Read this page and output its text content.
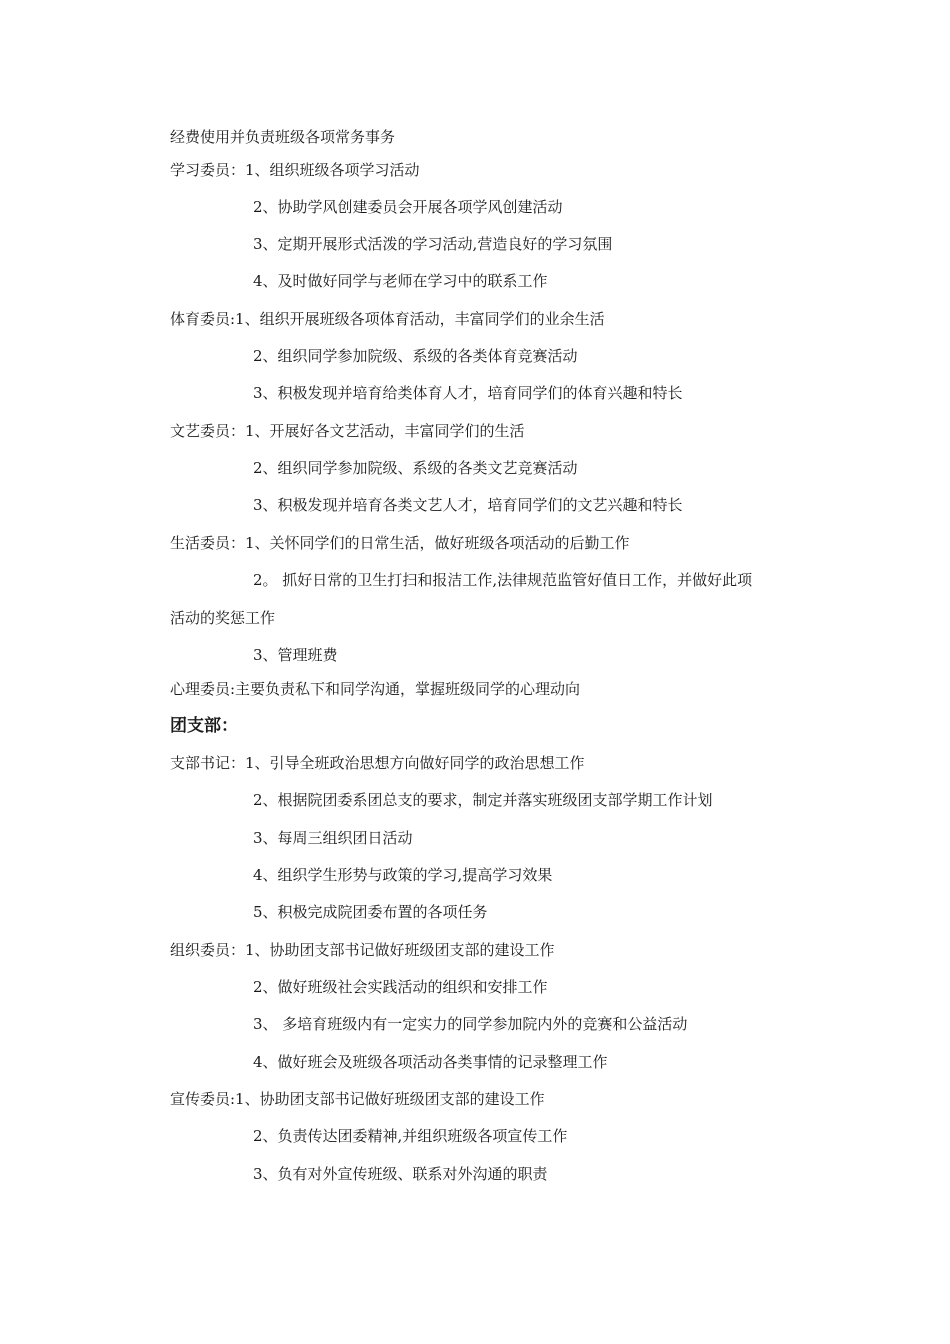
经费使用并负责班级各项常务事务
学习委员：1、组织班级各项学习活动
2、协助学风创建委员会开展各项学风创建活动
3、定期开展形式活泼的学习活动,营造良好的学习氛围
4、及时做好同学与老师在学习中的联系工作
体育委员:1、组织开展班级各项体育活动，丰富同学们的业余生活
2、组织同学参加院级、系级的各类体育竞赛活动
3、积极发现并培育给类体育人才，培育同学们的体育兴趣和特长
文艺委员：1、开展好各文艺活动，丰富同学们的生活
2、组织同学参加院级、系级的各类文艺竞赛活动
3、积极发现并培育各类文艺人才，培育同学们的文艺兴趣和特长
生活委员：1、关怀同学们的日常生活，做好班级各项活动的后勤工作
2。 抓好日常的卫生打扫和报洁工作,法律规范监管好值日工作，并做好此项
活动的奖惩工作
3、管理班费
心理委员:主要负责私下和同学沟通，掌握班级同学的心理动向
团支部：
支部书记：1、引导全班政治思想方向做好同学的政治思想工作
2、根据院团委系团总支的要求，制定并落实班级团支部学期工作计划
3、每周三组织团日活动
4、组织学生形势与政策的学习,提高学习效果
5、积极完成院团委布置的各项任务
组织委员：1、协助团支部书记做好班级团支部的建设工作
2、做好班级社会实践活动的组织和安排工作
3、 多培育班级内有一定实力的同学参加院内外的竞赛和公益活动
4、做好班会及班级各项活动各类事情的记录整理工作
宣传委员:1、协助团支部书记做好班级团支部的建设工作
2、负责传达团委精神,并组织班级各项宣传工作
3、负有对外宣传班级、联系对外沟通的职责
